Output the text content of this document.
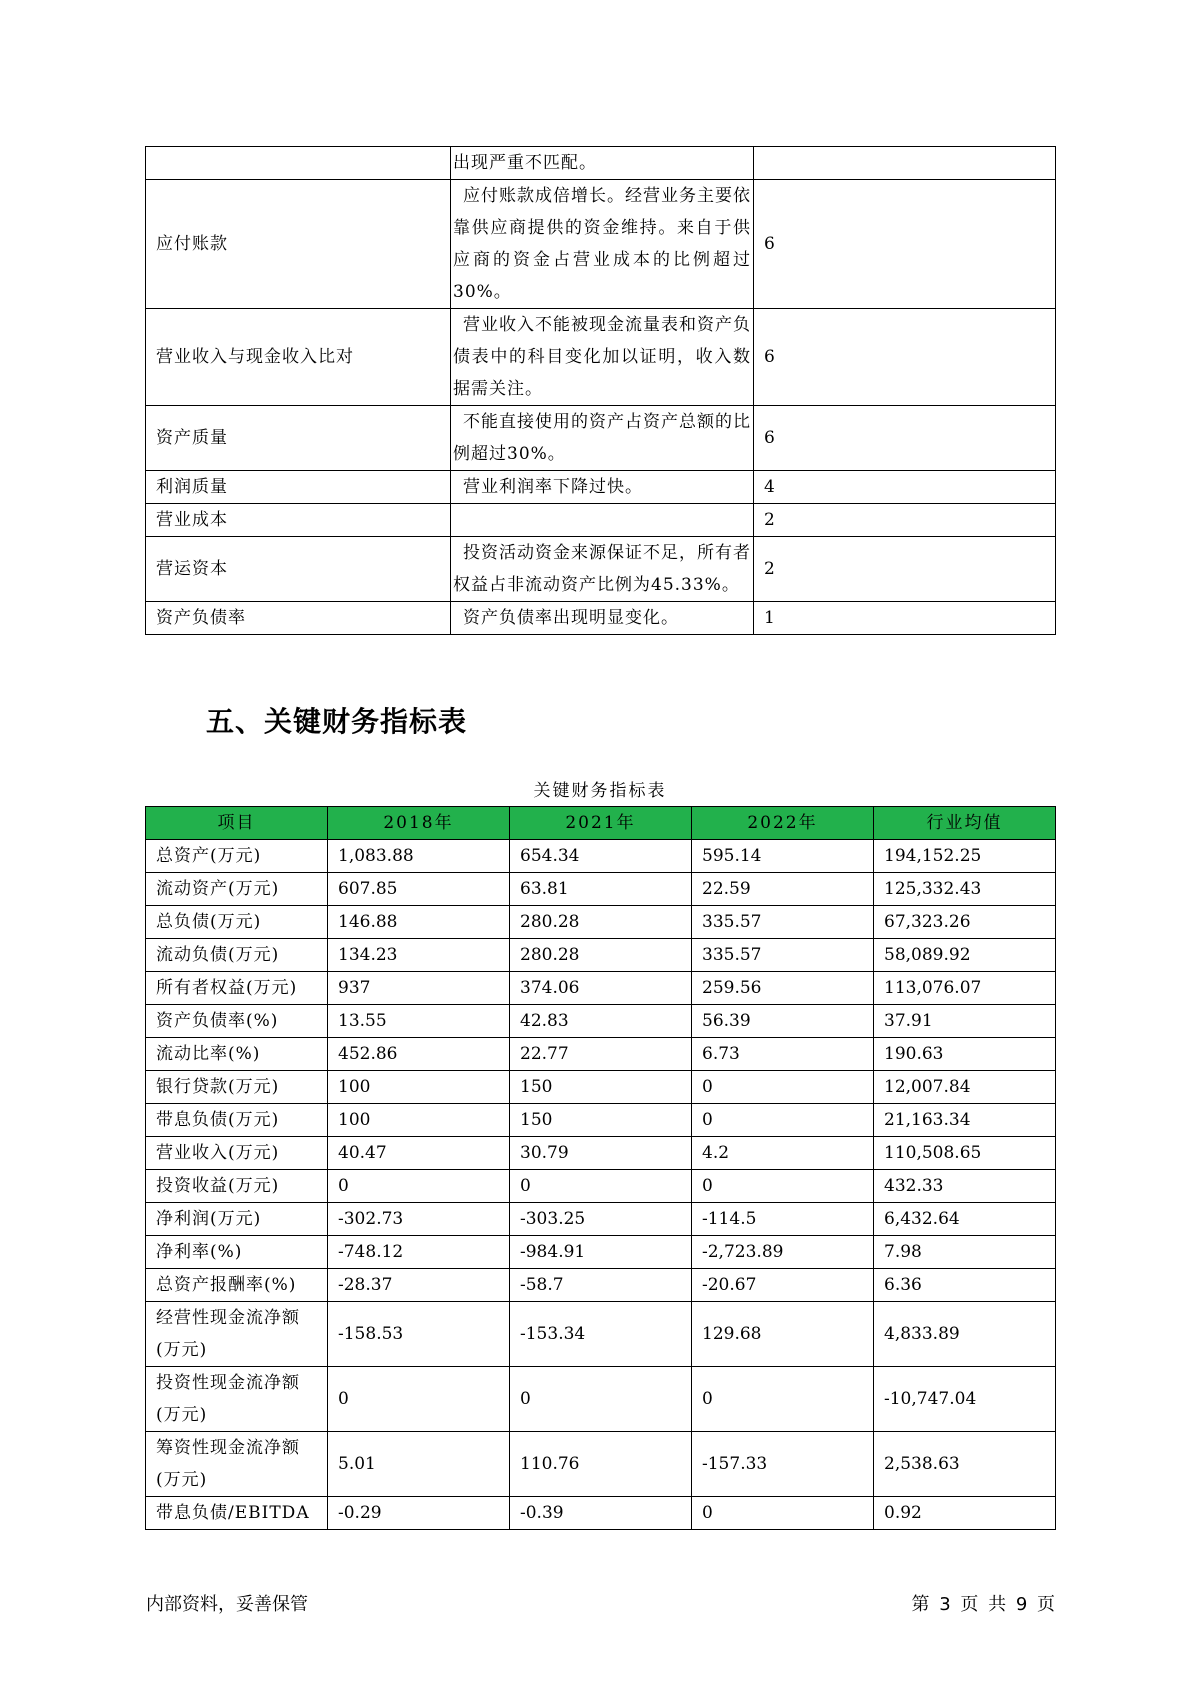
	出现严重不匹配。	

应付账款	应付账款成倍增长。经营业务主要依靠供应商提供的资金维持。来自于供应商的资金占营业成本的比例超过30%。	6
营业收入与现金收入比对	营业收入不能被现金流量表和资产负债表中的科目变化加以证明，收入数据需关注。	6
资产质量	不能直接使用的资产占资产总额的比例超过30%。	6
利润质量	营业利润率下降过快。	4
营业成本		2
营运资本	投资活动资金来源保证不足，所有者权益占非流动资产比例为45.33%。	2
资产负债率	资产负债率出现明显变化。	1
五、关键财务指标表
关键财务指标表
项目	2018年	2021年	2022年	行业均值
总资产(万元)	1,083.88	654.34	595.14	194,152.25
流动资产(万元)	607.85	63.81	22.59	125,332.43
总负债(万元)	146.88	280.28	335.57	67,323.26
流动负债(万元)	134.23	280.28	335.57	58,089.92
所有者权益(万元)	937	374.06	259.56	113,076.07
资产负债率(%)	13.55	42.83	56.39	37.91
流动比率(%)	452.86	22.77	6.73	190.63
银行贷款(万元)	100	150	0	12,007.84
带息负债(万元)	100	150	0	21,163.34
营业收入(万元)	40.47	30.79	4.2	110,508.65
投资收益(万元)	0	0	0	432.33
净利润(万元)	-302.73	-303.25	-114.5	6,432.64
净利率(%)	-748.12	-984.91	-2,723.89	7.98
总资产报酬率(%)	-28.37	-58.7	-20.67	6.36
经营性现金流净额(万元)	-158.53	-153.34	129.68	4,833.89
投资性现金流净额(万元)	0	0	0	-10,747.04
筹资性现金流净额(万元)	5.01	110.76	-157.33	2,538.63
带息负债/EBITDA	-0.29	-0.39	0	0.92
内部资料，妥善保管	第 3 页 共 9 页
